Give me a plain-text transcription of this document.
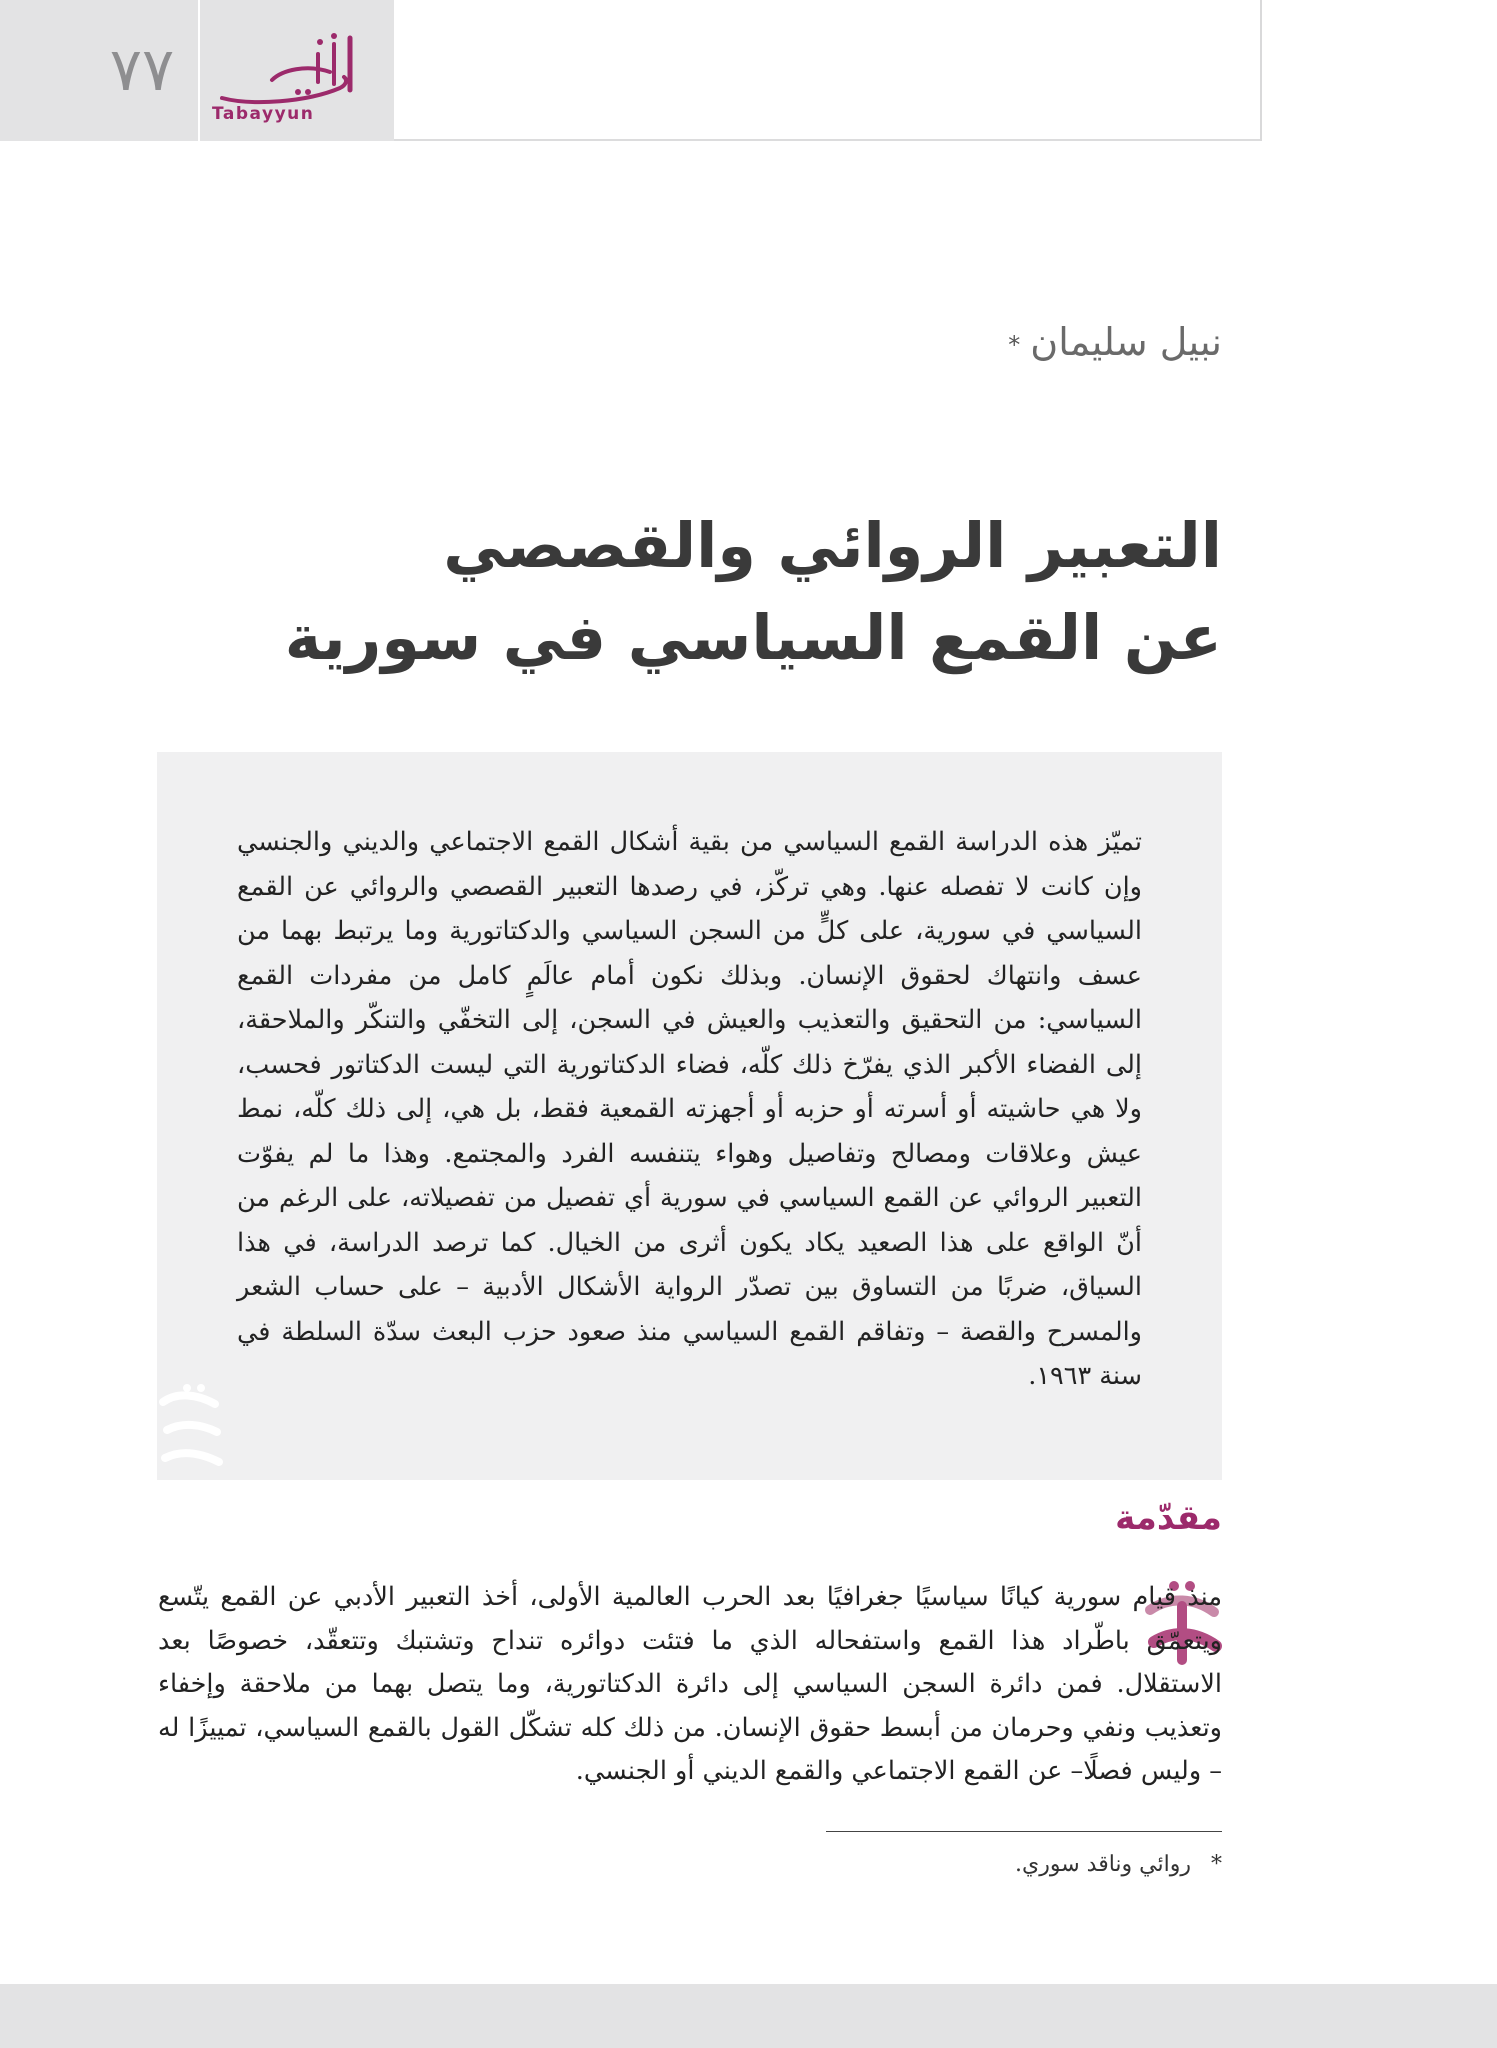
٧٧
Tabayyun
نبيل سليمان*
التعبير الروائي والقصصي
عن القمع السياسي في سورية
تميّز هذه الدراسة القمع السياسي من بقية أشكال القمع الاجتماعي والديني والجنسي وإن كانت لا تفصله عنها. وهي تركّز، في رصدها التعبير القصصي والروائي عن القمع السياسي في سورية، على كلٍّ من السجن السياسي والدكتاتورية وما يرتبط بهما من عسف وانتهاك لحقوق الإنسان. وبذلك نكون أمام عالَمٍ كامل من مفردات القمع السياسي: من التحقيق والتعذيب والعيش في السجن، إلى التخفّي والتنكّر والملاحقة، إلى الفضاء الأكبر الذي يفرّخ ذلك كلّه، فضاء الدكتاتورية التي ليست الدكتاتور فحسب، ولا هي حاشيته أو أسرته أو حزبه أو أجهزته القمعية فقط، بل هي، إلى ذلك كلّه، نمط عيش وعلاقات ومصالح وتفاصيل وهواء يتنفسه الفرد والمجتمع. وهذا ما لم يفوّت التعبير الروائي عن القمع السياسي في سورية أي تفصيل من تفصيلاته، على الرغم من أنّ الواقع على هذا الصعيد يكاد يكون أثرى من الخيال. كما ترصد الدراسة، في هذا السياق، ضربًا من التساوق بين تصدّر الرواية الأشكال الأدبية – على حساب الشعر والمسرح والقصة – وتفاقم القمع السياسي منذ صعود حزب البعث سدّة السلطة في سنة ١٩٦٣.
مقدّمة
منذ قيام سورية كيانًا سياسيًا جغرافيًا بعد الحرب العالمية الأولى، أخذ التعبير الأدبي عن القمع يتّسع ويتعمّق باطّراد هذا القمع واستفحاله الذي ما فتئت دوائره تنداح وتشتبك وتتعقّد، خصوصًا بعد الاستقلال. فمن دائرة السجن السياسي إلى دائرة الدكتاتورية، وما يتصل بهما من ملاحقة وإخفاء وتعذيب ونفي وحرمان من أبسط حقوق الإنسان. من ذلك كله تشكّل القول بالقمع السياسي، تمييزًا له – وليس فصلًا– عن القمع الاجتماعي والقمع الديني أو الجنسي.
*روائي وناقد سوري.
